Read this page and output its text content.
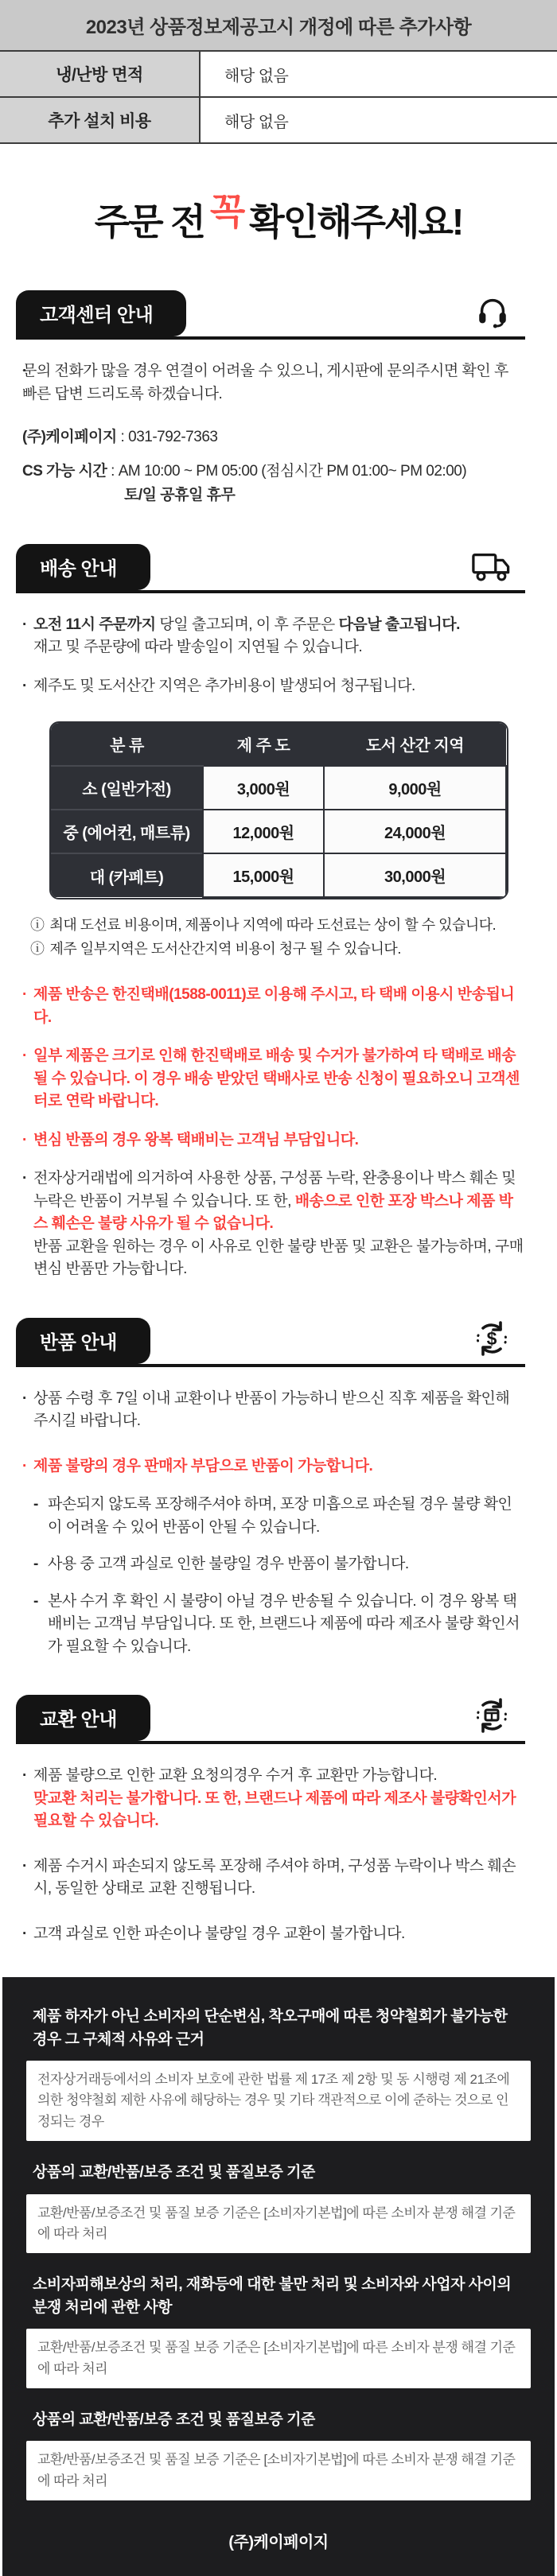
2023년 상품정보제공고시 개정에 따른 추가사항
냉/난방 면적	해당 없음
추가 설치 비용	해당 없음
주문 전 꼭 확인해주세요!
고객센터 안내

· 문의 전화가 많을 경우 연결이 어려울 수 있으니, 게시판에 문의주시면 확인 후 빠른 답변 드리도록 하겠습니다.

(주)케이페이지 : 031-792-7363

CS 가능 시간 : AM 10:00 ~ PM 05:00 (점심시간 PM 01:00~ PM 02:00)

토/일 공휴일 휴무

배송 안내

· 오전 11시 주문까지 당일 출고되며, 이 후 주문은 다음날 출고됩니다.
재고 및 주문량에 따라 발송일이 지연될 수 있습니다.

· 제주도 및 도서산간 지역은 추가비용이 발생되어 청구됩니다.

분 류	제 주 도	도서 산간 지역
소 (일반가전)	3,000원	9,000원
중 (에어컨, 매트류)	12,000원	24,000원
대 (카페트)	15,000원	30,000원

ⓘ 최대 도선료 비용이며, 제품이나 지역에 따라 도선료는 상이 할 수 있습니다.

ⓘ 제주 일부지역은 도서산간지역 비용이 청구 될 수 있습니다.

· 제품 반송은 한진택배(1588-0011)로 이용해 주시고, 타 택배 이용시 반송됩니다.

· 일부 제품은 크기로 인해 한진택배로 배송 및 수거가 불가하여 타 택배로 배송될 수 있습니다. 이 경우 배송 받았던 택배사로 반송 신청이 필요하오니 고객센터로 연락 바랍니다.

· 변심 반품의 경우 왕복 택배비는 고객님 부담입니다.

· 전자상거래법에 의거하여 사용한 상품, 구성품 누락, 완충용이나 박스 훼손 및 누락은 반품이 거부될 수 있습니다. 또 한, 배송으로 인한 포장 박스나 제품 박스 훼손은 불량 사유가 될 수 없습니다.
반품 교환을 원하는 경우 이 사유로 인한 불량 반품 및 교환은 불가능하며, 구매 변심 반품만 가능합니다.

반품 안내	$

· 상품 수령 후 7일 이내 교환이나 반품이 가능하니 받으신 직후 제품을 확인해 주시길 바랍니다.

· 제품 불량의 경우 판매자 부담으로 반품이 가능합니다.

- 파손되지 않도록 포장해주셔야 하며, 포장 미흡으로 파손될 경우 불량 확인이 어려울 수 있어 반품이 안될 수 있습니다.

- 사용 중 고객 과실로 인한 불량일 경우 반품이 불가합니다.

- 본사 수거 후 확인 시 불량이 아닐 경우 반송될 수 있습니다. 이 경우 왕복 택배비는 고객님 부담입니다. 또 한, 브랜드나 제품에 따라 제조사 불량 확인서가 필요할 수 있습니다.

교환 안내

· 제품 불량으로 인한 교환 요청의경우 수거 후 교환만 가능합니다.
맞교환 처리는 불가합니다. 또 한, 브랜드나 제품에 따라 제조사 불량확인서가 필요할 수 있습니다.

· 제품 수거시 파손되지 않도록 포장해 주셔야 하며, 구성품 누락이나 박스 훼손시, 동일한 상태로 교환 진행됩니다.

· 고객 과실로 인한 파손이나 불량일 경우 교환이 불가합니다.

제품 하자가 아닌 소비자의 단순변심, 착오구매에 따른 청약철회가 불가능한 경우 그 구체적 사유와 근거
전자상거래등에서의 소비자 보호에 관한 법률 제 17조 제 2항 및 동 시행령 제 21조에 의한 청약철회 제한 사유에 해당하는 경우 및 기타 객관적으로 이에 준하는 것으로 인정되는 경우
상품의 교환/반품/보증 조건 및 품질보증 기준
교환/반품/보증조건 및 품질 보증 기준은 [소비자기본법]에 따른 소비자 분쟁 해결 기준에 따라 처리
소비자피해보상의 처리, 재화등에 대한 불만 처리 및 소비자와 사업자 사이의 분쟁 처리에 관한 사항
교환/반품/보증조건 및 품질 보증 기준은 [소비자기본법]에 따른 소비자 분쟁 해결 기준에 따라 처리
상품의 교환/반품/보증 조건 및 품질보증 기준
교환/반품/보증조건 및 품질 보증 기준은 [소비자기본법]에 따른 소비자 분쟁 해결 기준에 따라 처리
(주)케이페이지
